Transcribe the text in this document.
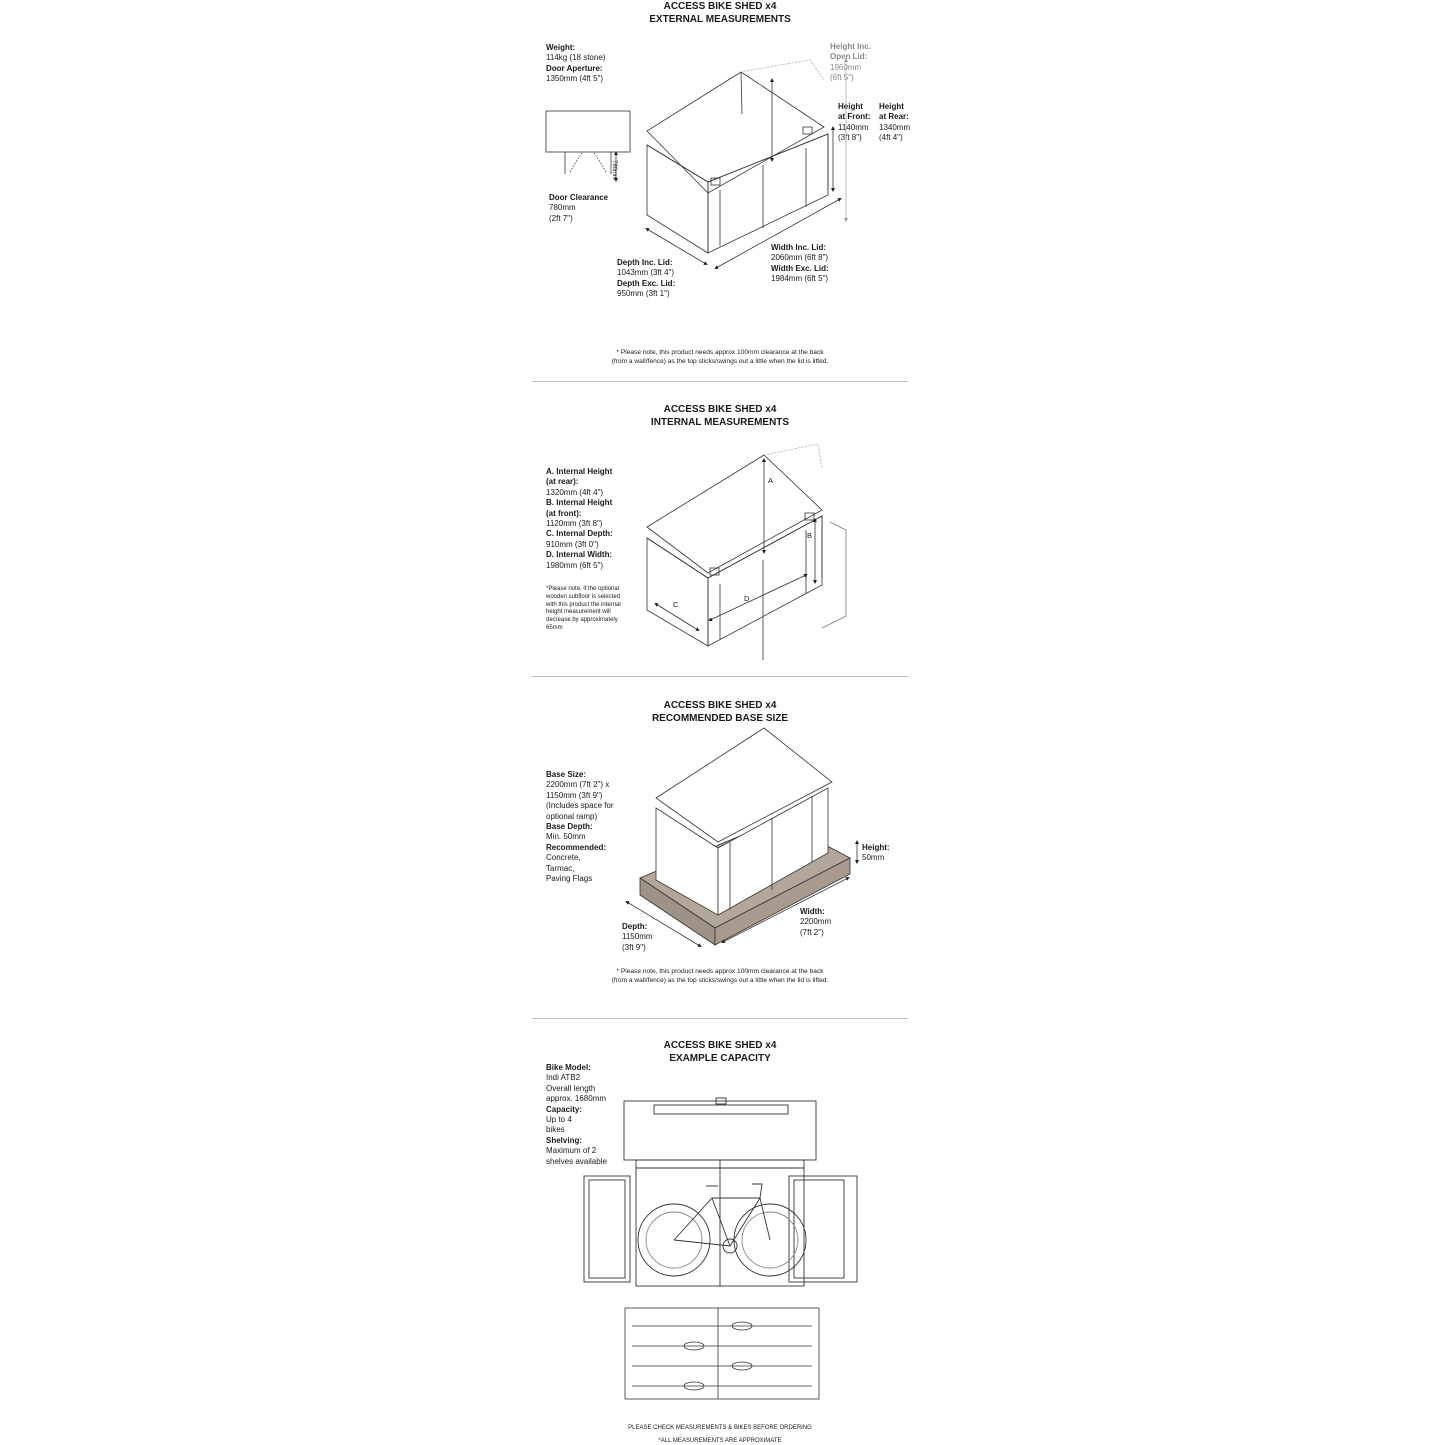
ACCESS BIKE SHED x4
EXTERNAL MEASUREMENTS
Weight:
114kg (18 stone)
Door Aperture:
1350mm (4ft 5")
Door Clearance
780mm
(2ft 7")
780mm
Height Inc.
Open Lid:
1960mm
(6ft 5")
Height
at Front:
1140mm
(3ft 8")
Height
at Rear:
1340mm
(4ft 4")
Width Inc. Lid:
2060mm (6ft 8")
Width Exc. Lid:
1984mm (6ft 5")
Depth Inc. Lid:
1043mm (3ft 4")
Depth Exc. Lid:
950mm (3ft 1")
* Please note, this product needs approx 100mm clearance at the back
(from a wall/fence) as the top sticks/swings out a little when the lid is lifted.
ACCESS BIKE SHED x4
INTERNAL MEASUREMENTS
A. Internal Height
(at rear):
1320mm (4ft 4")
B. Internal Height
(at front):
1120mm (3ft 8")
C. Internal Depth:
910mm (3ft 0")
D. Internal Width:
1980mm (6ft 5")
*Please note, if the optional
wooden subfloor is selected
with this product the internal
height measurement will
decrease by approximately
65mm
A
B
C
D
ACCESS BIKE SHED x4
RECOMMENDED BASE SIZE
Base Size:
2200mm (7ft 2") x
1150mm (3ft 9")
(Includes space for
optional ramp)
Base Depth:
Min. 50mm
Recommended:
Concrete,
Tarmac,
Paving Flags
Height:
50mm
Width:
2200mm
(7ft 2")
Depth:
1150mm
(3ft 9")
* Please note, this product needs approx 100mm clearance at the back
(from a wall/fence) as the top sticks/swings out a little when the lid is lifted.
ACCESS BIKE SHED x4
EXAMPLE CAPACITY
Bike Model:
Indi ATB2
Overall length
approx. 1680mm
Capacity:
Up to 4
bikes
Shelving:
Maximum of 2
shelves available
PLEASE CHECK MEASUREMENTS & BIKES BEFORE ORDERING
*ALL MEASUREMENTS ARE APPROXIMATE
